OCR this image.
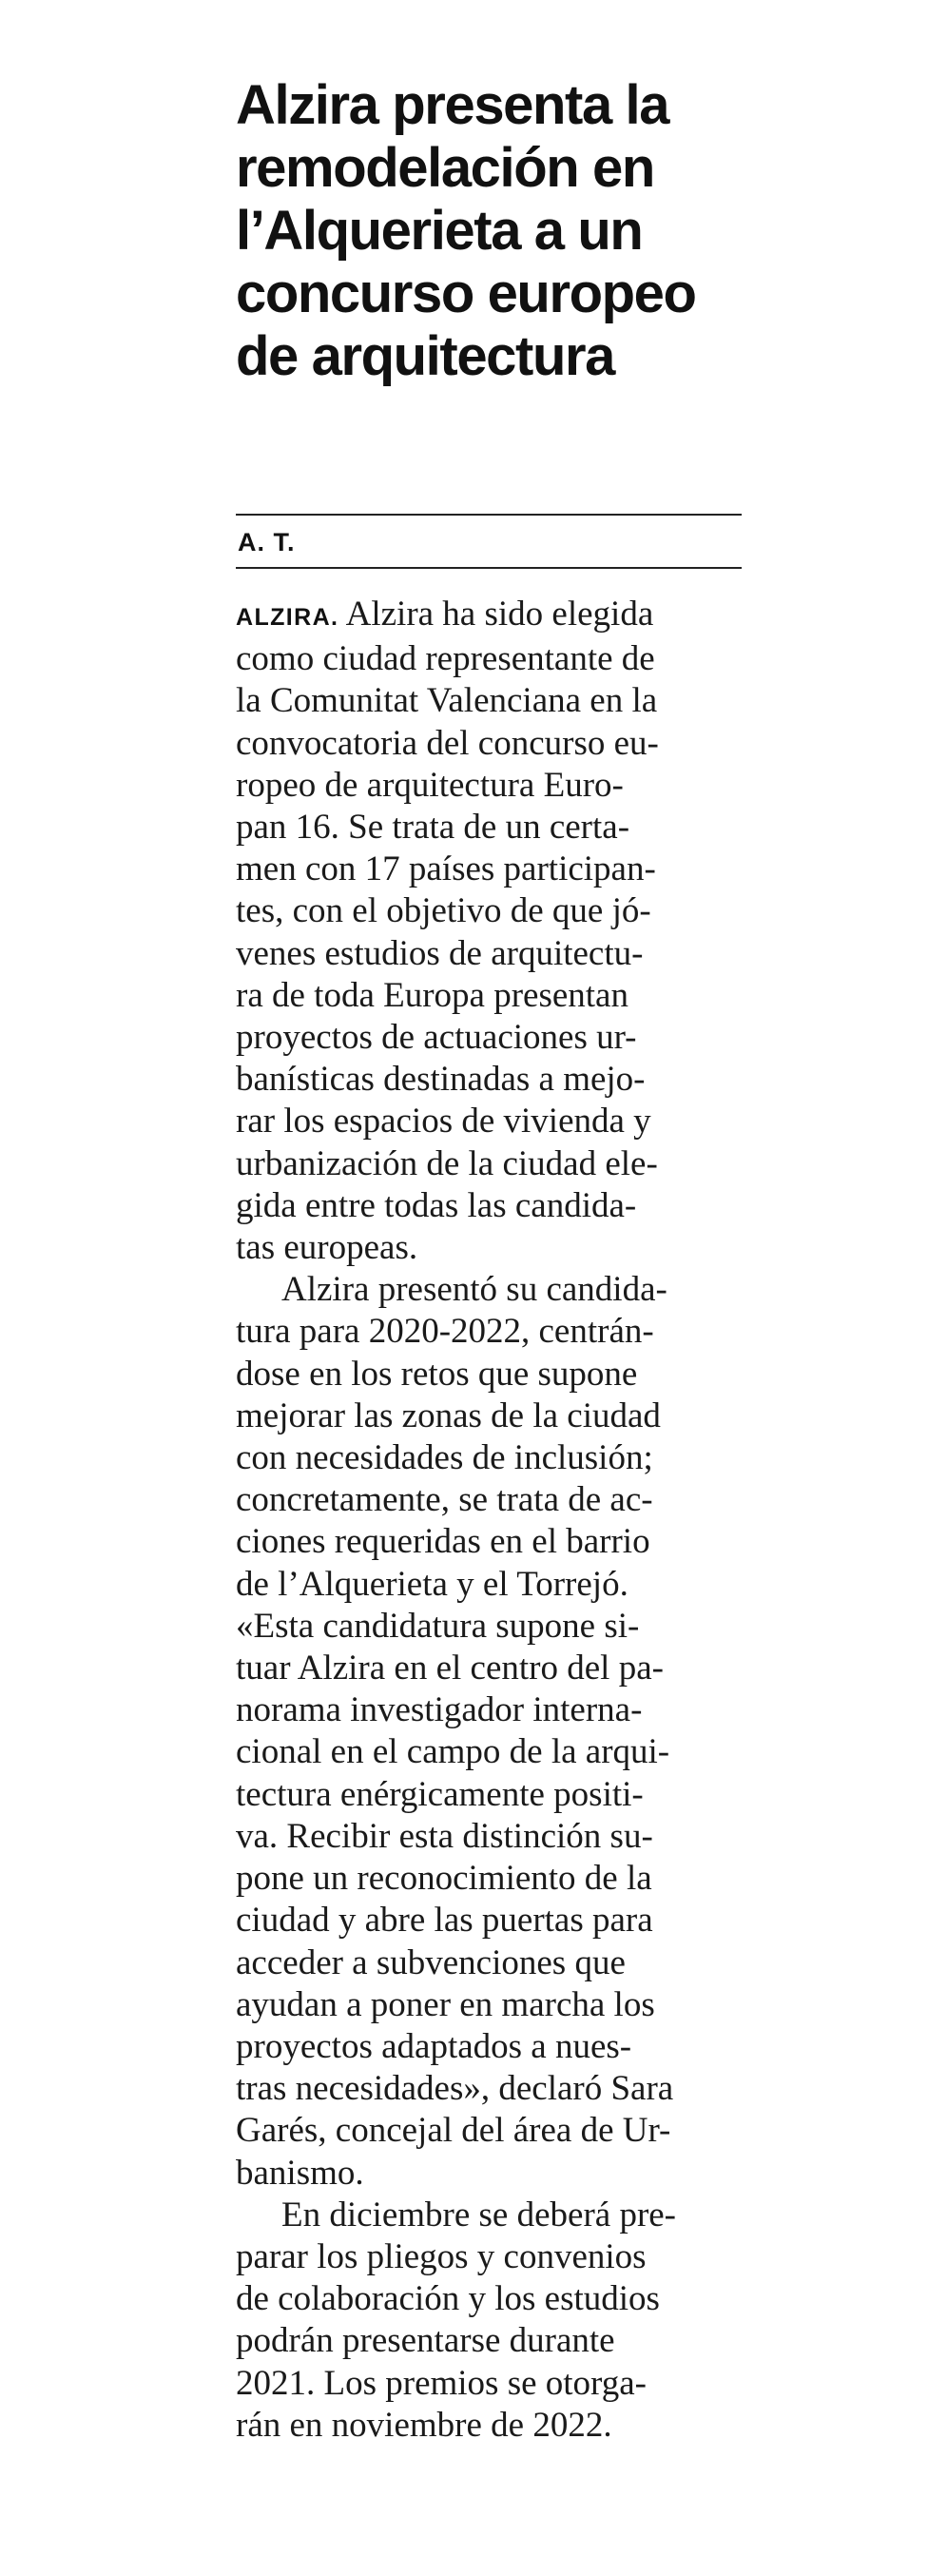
Alzira presenta la
remodelación en
l’Alquerieta a un
concurso europeo
de arquitectura
A. T.
ALZIRA. Alzira ha sido elegida
como ciudad representante de
la Comunitat Valenciana en la
convocatoria del concurso eu-
ropeo de arquitectura Euro-
pan 16. Se trata de un certa-
men con 17 países participan-
tes, con el objetivo de que jó-
venes estudios de arquitectu-
ra de toda Europa presentan
proyectos de actuaciones ur-
banísticas destinadas a mejo-
rar los espacios de vivienda y
urbanización de la ciudad ele-
gida entre todas las candida-
tas europeas.
Alzira presentó su candida-
tura para 2020-2022, centrán-
dose en los retos que supone
mejorar las zonas de la ciudad
con necesidades de inclusión;
concretamente, se trata de ac-
ciones requeridas en el barrio
de l’Alquerieta y el Torrejó.
«Esta candidatura supone si-
tuar Alzira en el centro del pa-
norama investigador interna-
cional en el campo de la arqui-
tectura enérgicamente positi-
va. Recibir esta distinción su-
pone un reconocimiento de la
ciudad y abre las puertas para
acceder a subvenciones que
ayudan a poner en marcha los
proyectos adaptados a nues-
tras necesidades», declaró Sara
Garés, concejal del área de Ur-
banismo.
En diciembre se deberá pre-
parar los pliegos y convenios
de colaboración y los estudios
podrán presentarse durante
2021. Los premios se otorga-
rán en noviembre de 2022.
